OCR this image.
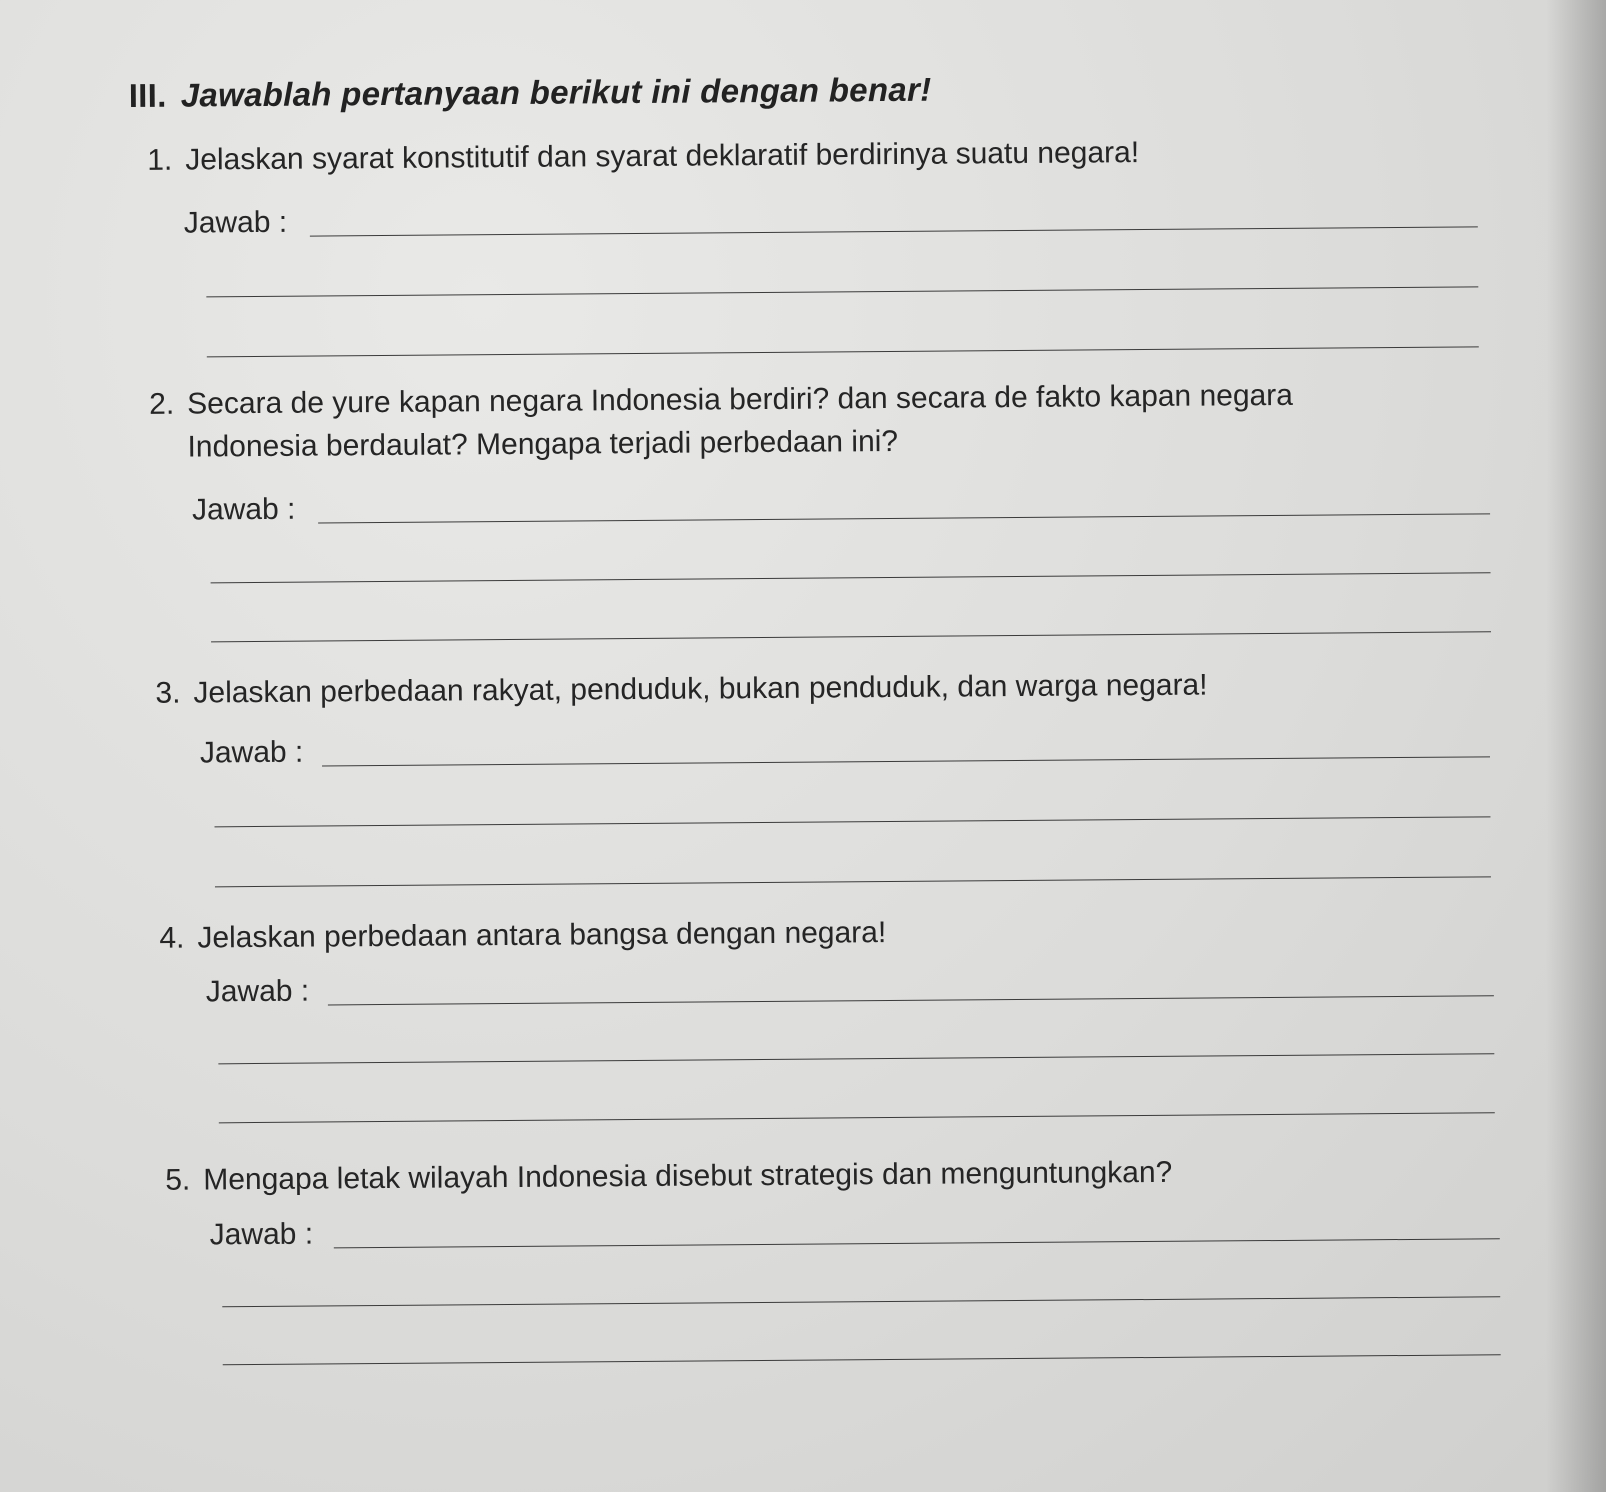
III. Jawablah pertanyaan berikut ini dengan benar!
1. Jelaskan syarat konstitutif dan syarat deklaratif berdirinya suatu negara!
Jawab :
2. Secara de yure kapan negara Indonesia berdiri? dan secara de fakto kapan negara
Indonesia berdaulat? Mengapa terjadi perbedaan ini?
Jawab :
3. Jelaskan perbedaan rakyat, penduduk, bukan penduduk, dan warga negara!
Jawab :
4. Jelaskan perbedaan antara bangsa dengan negara!
Jawab :
5. Mengapa letak wilayah Indonesia disebut strategis dan menguntungkan?
Jawab :
